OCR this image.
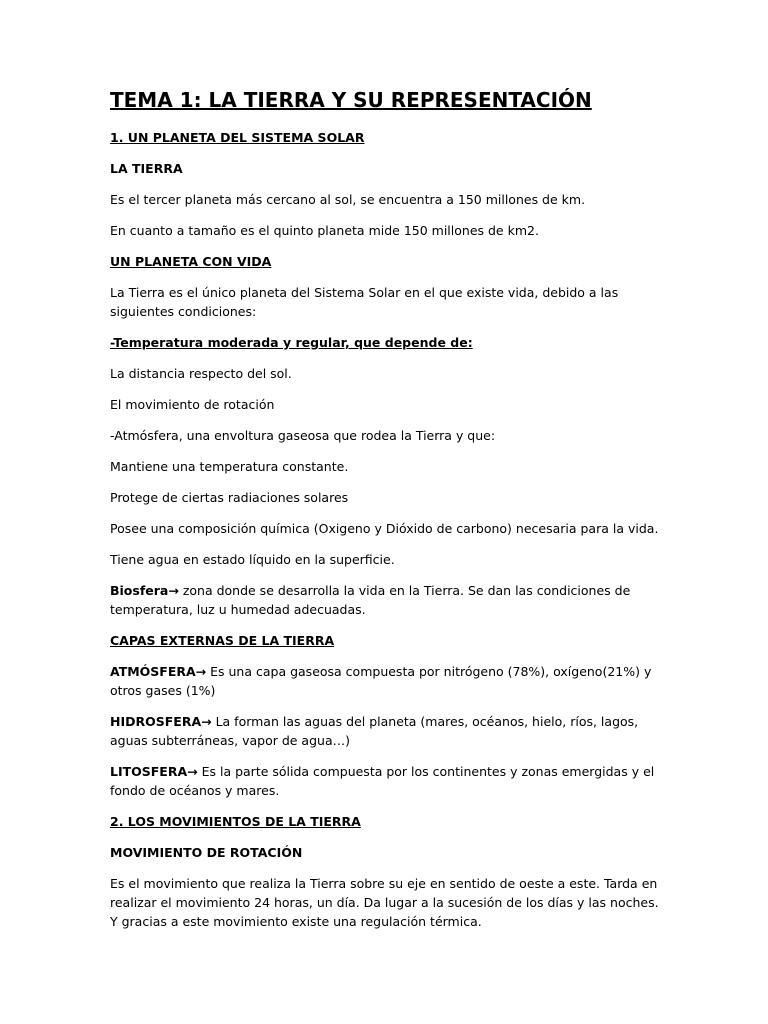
TEMA 1: LA TIERRA Y SU REPRESENTACIÓN
1. UN PLANETA DEL SISTEMA SOLAR
LA TIERRA
Es el tercer planeta más cercano al sol, se encuentra a 150 millones de km.
En cuanto a tamaño es el quinto planeta mide 150 millones de km2.
UN PLANETA CON VIDA
La Tierra es el único planeta del Sistema Solar en el que existe vida, debido a las siguientes condiciones:
-Temperatura moderada y regular, que depende de:
La distancia respecto del sol.
El movimiento de rotación
-Atmósfera, una envoltura gaseosa que rodea la Tierra y que:
Mantiene una temperatura constante.
Protege de ciertas radiaciones solares
Posee una composición química (Oxigeno y Dióxido de carbono) necesaria para la vida.
Tiene agua en estado líquido en la superficie.
Biosfera→ zona donde se desarrolla la vida en la Tierra. Se dan las condiciones de temperatura, luz u humedad adecuadas.
CAPAS EXTERNAS DE LA TIERRA
ATMÓSFERA→ Es una capa gaseosa compuesta por nitrógeno (78%), oxígeno(21%) y otros gases (1%)
HIDROSFERA→ La forman las aguas del planeta (mares, océanos, hielo, ríos, lagos, aguas subterráneas, vapor de agua…)
LITOSFERA→ Es la parte sólida compuesta por los continentes y zonas emergidas y el fondo de océanos y mares.
2. LOS MOVIMIENTOS DE LA TIERRA
MOVIMIENTO DE ROTACIÓN
Es el movimiento que realiza la Tierra sobre su eje en sentido de oeste a este. Tarda en realizar el movimiento 24 horas, un día. Da lugar a la sucesión de los días y las noches. Y gracias a este movimiento existe una regulación térmica.
